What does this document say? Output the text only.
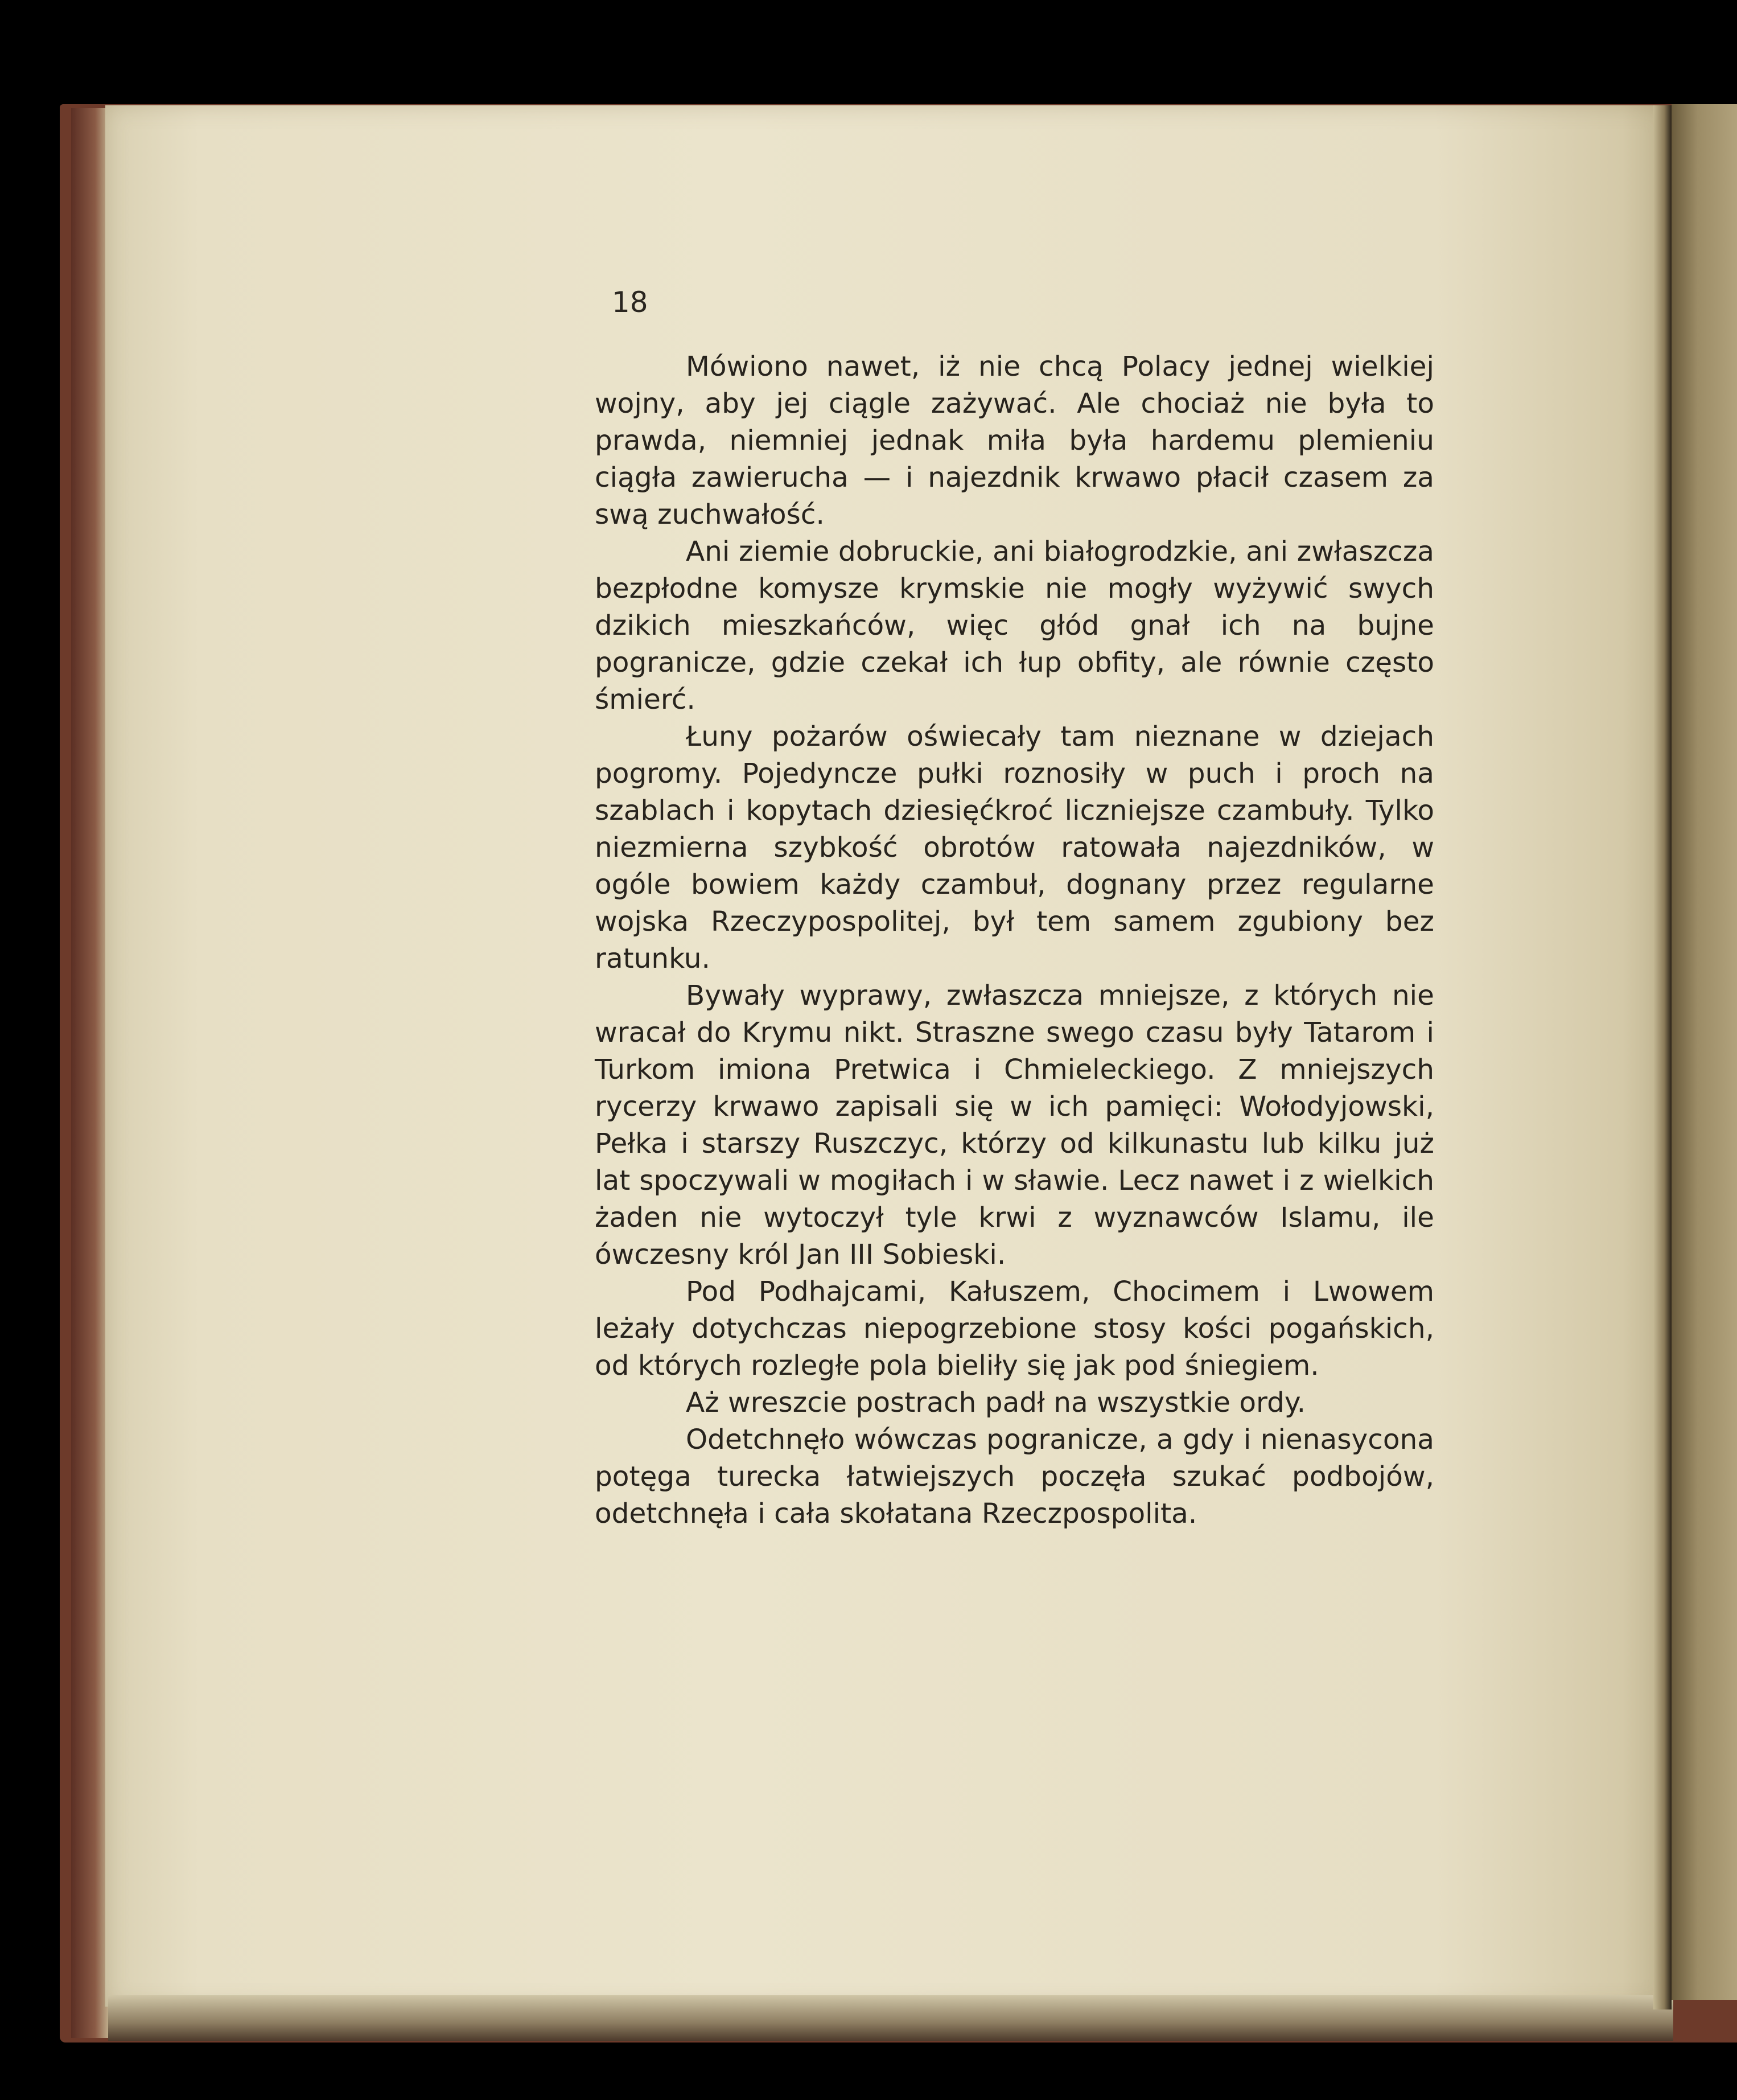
18

Mówiono nawet, iż nie chcą Polacy jednej wielkiej wojny, aby jej ciągle zażywać. Ale chociaż nie była to prawda, niemniej jednak miła była hardemu plemieniu ciągła zawierucha — i najezdnik krwawo płacił czasem za swą zuchwałość.

Ani ziemie dobruckie, ani białogrodzkie, ani zwłaszcza bezpłodne komysze krymskie nie mogły wyżywić swych dzikich mieszkańców, więc głód gnał ich na bujne pogranicze, gdzie czekał ich łup obfity, ale równie często śmierć.

Łuny pożarów oświecały tam nieznane w dziejach pogromy. Pojedyncze pułki roznosiły w puch i proch na szablach i kopytach dziesięćkroć liczniejsze czambuły. Tylko niezmierna szybkość obrotów ratowała najezdników, w ogóle bowiem każdy czambuł, dognany przez regularne wojska Rzeczypospolitej, był tem samem zgubiony bez ratunku.

Bywały wyprawy, zwłaszcza mniejsze, z których nie wracał do Krymu nikt. Straszne swego czasu były Tatarom i Turkom imiona Pretwica i Chmieleckiego. Z mniejszych rycerzy krwawo zapisali się w ich pamięci: Wołodyjowski, Pełka i starszy Ruszczyc, którzy od kilkunastu lub kilku już lat spoczywali w mogiłach i w sławie. Lecz nawet i z wielkich żaden nie wytoczył tyle krwi z wyznawców Islamu, ile ówczesny król Jan III Sobieski.

Pod Podhajcami, Kałuszem, Chocimem i Lwowem leżały dotychczas niepogrzebione stosy kości pogańskich, od których rozległe pola bieliły się jak pod śniegiem.

Aż wreszcie postrach padł na wszystkie ordy.

Odetchnęło wówczas pogranicze, a gdy i nienasycona potęga turecka łatwiejszych poczęła szukać podbojów, odetchnęła i cała skołatana Rzeczpospolita.
